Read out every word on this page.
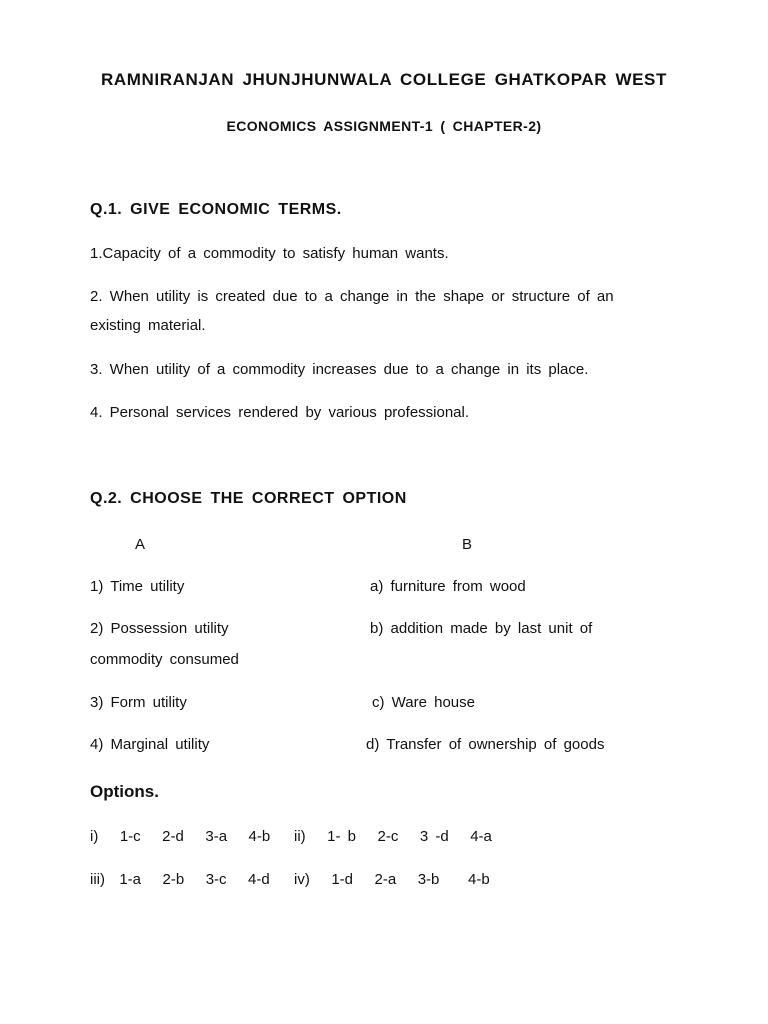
RAMNIRANJAN JHUNJHUNWALA COLLEGE GHATKOPAR WEST
ECONOMICS ASSIGNMENT-1 ( CHAPTER-2)
Q.1. GIVE ECONOMIC TERMS.
1.Capacity of a commodity to satisfy human wants.
2. When utility is created due to a change in the shape or structure of an existing material.
3. When utility of a commodity increases due to a change in its place.
4. Personal services rendered by various professional.
Q.2. CHOOSE THE CORRECT OPTION
A	B
1) Time utility	a) furniture from wood
2) Possession utility	b) addition made by last unit of
commodity consumed
3) Form utility	c) Ware house
4) Marginal utility	d) Transfer of ownership of goods
Options.
i)   1-c   2-d   3-a   4-b ii)   1- b   2-c   3 -d   4-a
iii)  1-a   2-b   3-c   4-d iv)   1-d   2-a   3-b    4-b
